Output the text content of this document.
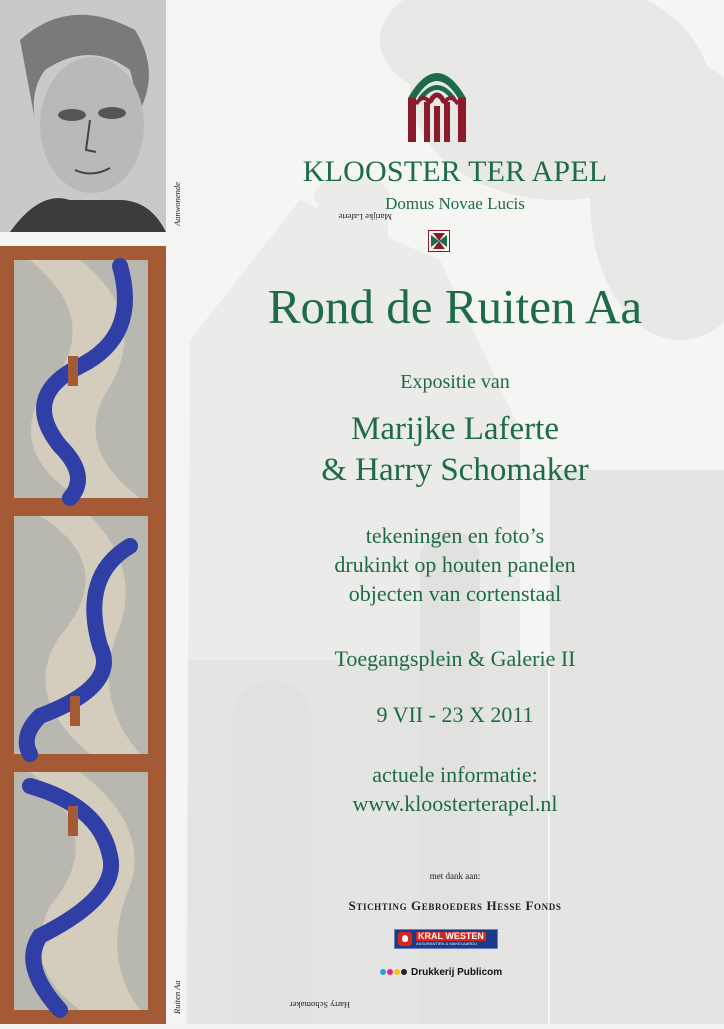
Marijke Laferte
Aanwonende
Harry Schomaker
Ruiten Aa
KLOOSTER TER APEL
Domus Novae Lucis
Rond de Ruiten Aa
Expositie van
Marijke Laferte
& Harry Schomaker
tekeningen en foto’s
drukinkt op houten panelen
objecten van cortenstaal
Toegangsplein & Galerie II
9 VII - 23 X 2011
actuele informatie:
www.kloosterterapel.nl
met dank aan:
Stichting Gebroeders Hesse Fonds
KRAL WESTEN
ASSURANTIËN & MAKELAARDIJ
Drukkerij Publicom
